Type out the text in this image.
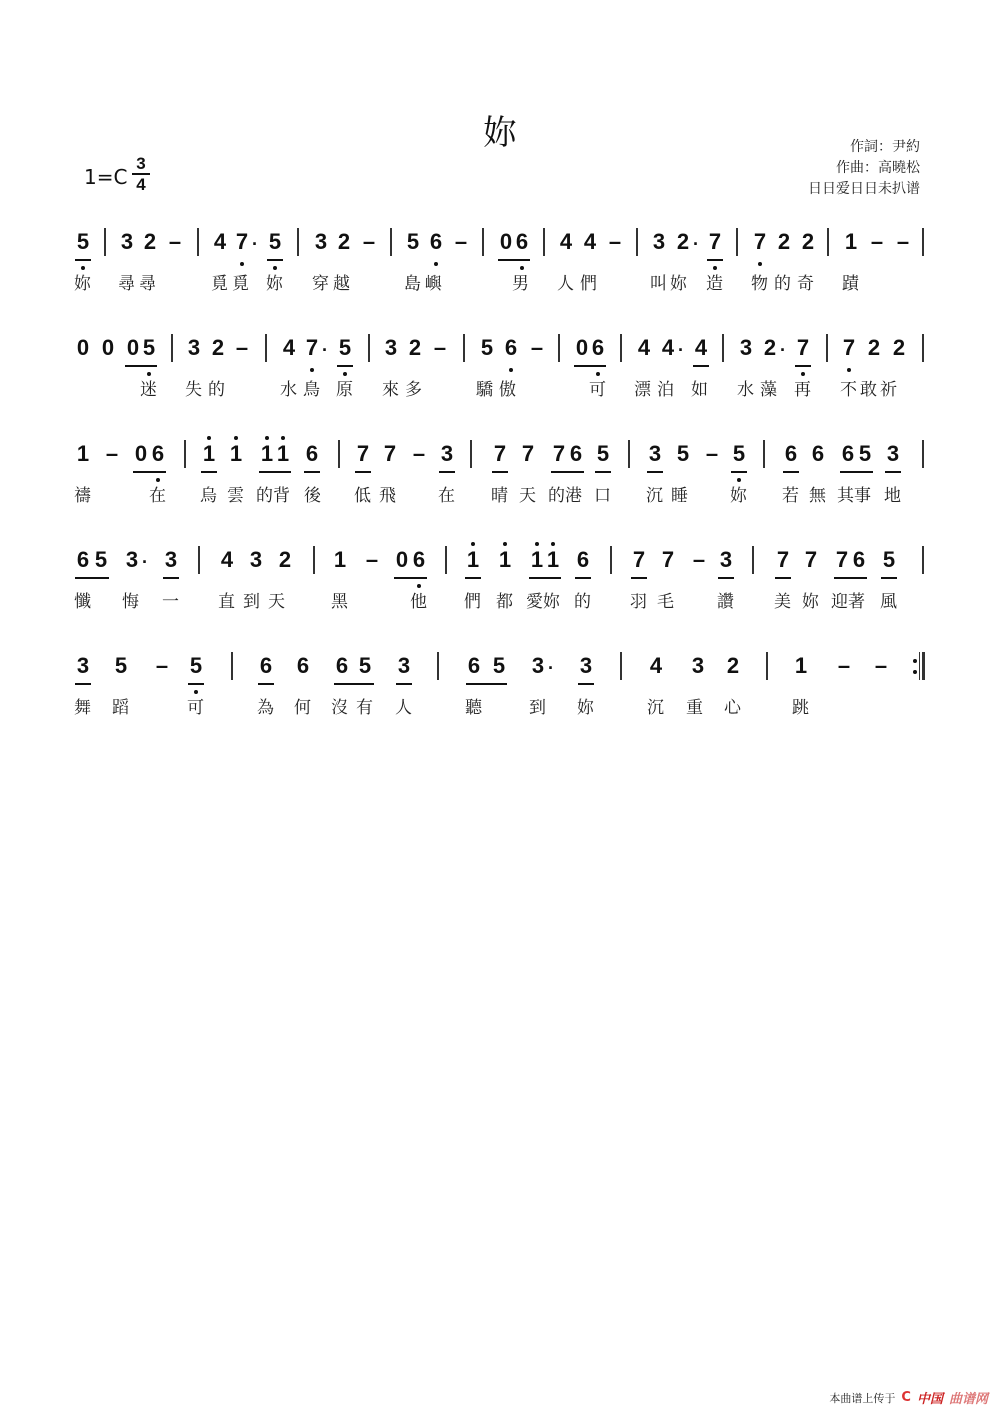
妳
1=C
3
4
作詞：尹約
作曲：高曉松
日日爱日日未扒谱
5 3 2 – 4 7 · 5 3 2 – 5 6 – 0 6 4 4 – 3 2 · 7 7 2 2 1 – –
妳 尋尋	覓覓 妳 穿越	島嶼	男 人們	叫妳 造 物的奇 蹟
0 0 0 5 3 2 – 4 7 · 5 3 2 – 5 6 – 0 6 4 4 · 4 3 2 · 7 7 2 2
迷 失的	水鳥 原 來多	驕傲	可 漂泊 如 水藻 再 不敢祈
1 – 0 6 1 1 1 1 6 7 7 – 3 7 7 7 6 5 3 5 – 5 6 6 6 5 3
禱	在 烏 雲 的背 後 低飛 在 晴 天 的港 口 沉睡 妳 若 無 其事 地
6 5 3 · 3 4 3 2 1 – 0 6 1 1 1 1 6 7 7 – 3 7 7 7 6 5
懺 悔 一 直到天 黑	他 們 都 愛妳 的 羽毛 讚 美 妳 迎著 風
3 5 – 5	6 6 6 5 3	6 5 3 · 3	4 3 2	1 – –
舞 蹈	可	為 何 沒有 人	聽	到 妳	沉 重 心	跳
本曲谱上传于 C 中国 曲谱网
